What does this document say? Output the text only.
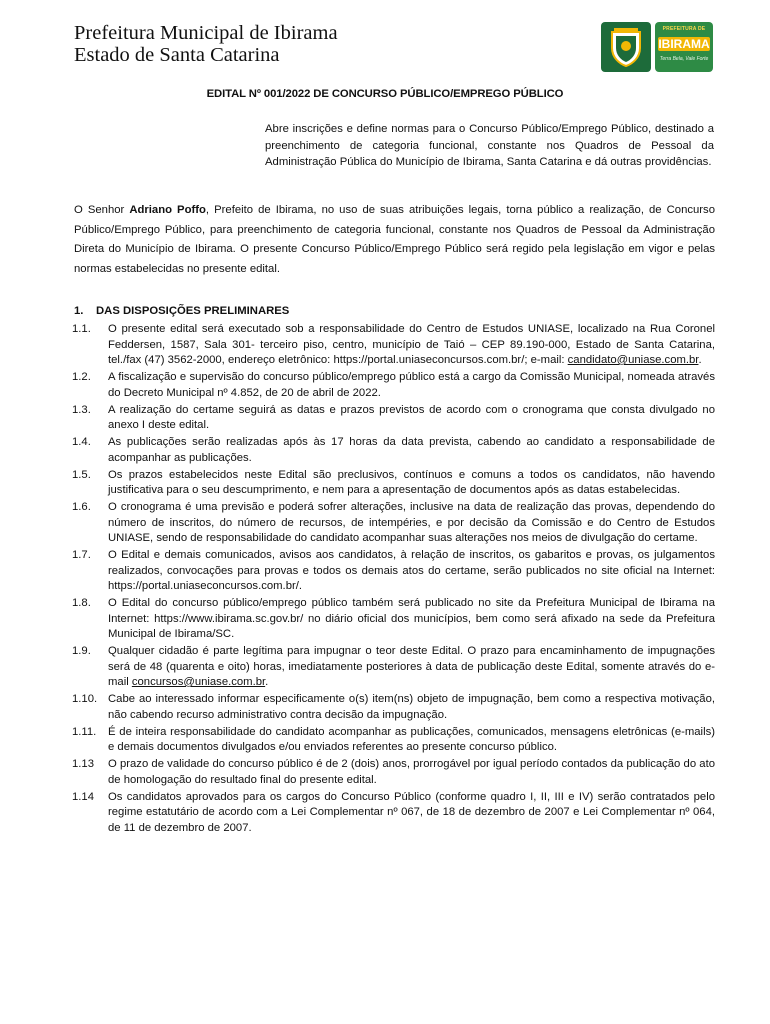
Prefeitura Municipal de Ibirama
Estado de Santa Catarina
PREFEITURA DE
IBIRAMA
Terra Bela, Vale Forte
EDITAL Nº 001/2022 DE CONCURSO PÚBLICO/EMPREGO PÚBLICO
Abre inscrições e define normas para o Concurso Público/Emprego Público, destinado a preenchimento de categoria funcional, constante nos Quadros de Pessoal da Administração Pública do Município de Ibirama, Santa Catarina e dá outras providências.
O Senhor Adriano Poffo, Prefeito de Ibirama, no uso de suas atribuições legais, torna público a realização, de Concurso Público/Emprego Público, para preenchimento de categoria funcional, constante nos Quadros de Pessoal da Administração Direta do Município de Ibirama. O presente Concurso Público/Emprego Público será regido pela legislação em vigor e pelas normas estabelecidas no presente edital.
1. DAS DISPOSIÇÕES PRELIMINARES
1.1.	O presente edital será executado sob a responsabilidade do Centro de Estudos UNIASE, localizado na Rua Coronel Feddersen, 1587, Sala 301- terceiro piso, centro, município de Taió – CEP 89.190-000, Estado de Santa Catarina, tel./fax (47) 3562-2000, endereço eletrônico: https://portal.uniaseconcursos.com.br/; e-mail: candidato@uniase.com.br.
1.2.	A fiscalização e supervisão do concurso público/emprego público está a cargo da Comissão Municipal, nomeada através do Decreto Municipal nº 4.852, de 20 de abril de 2022.
1.3.	A realização do certame seguirá as datas e prazos previstos de acordo com o cronograma que consta divulgado no anexo I deste edital.
1.4.	As publicações serão realizadas após às 17 horas da data prevista, cabendo ao candidato a responsabilidade de acompanhar as publicações.
1.5.	Os prazos estabelecidos neste Edital são preclusivos, contínuos e comuns a todos os candidatos, não havendo justificativa para o seu descumprimento, e nem para a apresentação de documentos após as datas estabelecidas.
1.6.	O cronograma é uma previsão e poderá sofrer alterações, inclusive na data de realização das provas, dependendo do número de inscritos, do número de recursos, de intempéries, e por decisão da Comissão e do Centro de Estudos UNIASE, sendo de responsabilidade do candidato acompanhar suas alterações nos meios de divulgação do certame.
1.7.	O Edital e demais comunicados, avisos aos candidatos, à relação de inscritos, os gabaritos e provas, os julgamentos realizados, convocações para provas e todos os demais atos do certame, serão publicados no site oficial na Internet: https://portal.uniaseconcursos.com.br/.
1.8.	O Edital do concurso público/emprego público também será publicado no site da Prefeitura Municipal de Ibirama na Internet: https://www.ibirama.sc.gov.br/ no diário oficial dos municípios, bem como será afixado na sede da Prefeitura Municipal de Ibirama/SC.
1.9.	Qualquer cidadão é parte legítima para impugnar o teor deste Edital. O prazo para encaminhamento de impugnações será de 48 (quarenta e oito) horas, imediatamente posteriores à data de publicação deste Edital, somente através do e-mail concursos@uniase.com.br.
1.10. Cabe ao interessado informar especificamente o(s) item(ns) objeto de impugnação, bem como a respectiva motivação, não cabendo recurso administrativo contra decisão da impugnação.
1.11.	É de inteira responsabilidade do candidato acompanhar as publicações, comunicados, mensagens eletrônicas (e-mails) e demais documentos divulgados e/ou enviados referentes ao presente concurso público.
1.13	O prazo de validade do concurso público é de 2 (dois) anos, prorrogável por igual período contados da publicação do ato de homologação do resultado final do presente edital.
1.14	Os candidatos aprovados para os cargos do Concurso Público (conforme quadro I, II, III e IV) serão contratados pelo regime estatutário de acordo com a Lei Complementar nº 067, de 18 de dezembro de 2007 e Lei Complementar nº 064, de 11 de dezembro de 2007.
